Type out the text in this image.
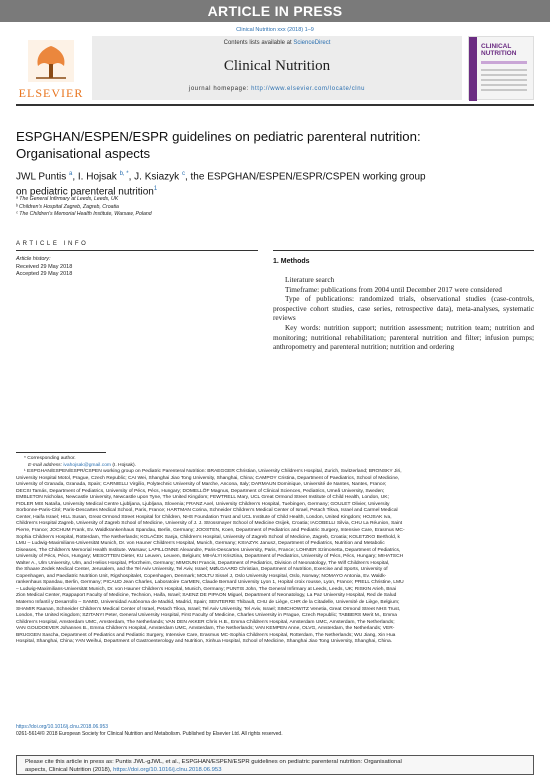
ARTICLE IN PRESS
Clinical Nutrition xxx (2018) 1–9
ELSEVIER
Contents lists available at ScienceDirect
Clinical Nutrition
journal homepage: http://www.elsevier.com/locate/clnu
CLINICAL
NUTRITION
ESPGHAN/ESPEN/ESPR guidelines on pediatric parenteral nutrition:
Organisational aspects
JWL Puntis $^a$, I. Hojsak $^{b, *}$, J. Ksiazyk $^c$, the ESPGHAN/ESPEN/ESPR/CSPEN working group
on pediatric parenteral nutrition$^1$
ᵃ The General Infirmary at Leeds, Leeds, UK
ᵇ Children's Hospital Zagreb, Zagreb, Croatia
ᶜ The Children's Memorial Health Institute, Warsaw, Poland
ARTICLE INFO
Article history:
Received 29 May 2018
Accepted 29 May 2018
1. Methods

Literature search

Timeframe: publications from 2004 until December 2017 were considered

Type of publications: randomized trials, observational studies (case-controls, prospective cohort studies, case series, retrospective data), meta-analyses, systematic reviews

Key words: nutrition support; nutrition assessment; nutrition team; nutrition and monitoring; nutritional rehabilitation; parenteral nutrition and filter; infusion pumps; anthropometry and parenteral nutrition; nutrition and ordering

* Corresponding author.
E-mail address: ivahojsak@gmail.com (I. Hojsak).
¹ ESPGHAN/ESPEN/ESPR/CSPEN working group on Pediatric Parenteral Nutrition: BRAEGGER Christian, University Children's Hospital, Zurich, Switzerland; BRONSKY Jiri,
University Hospital Motol, Prague, Czech Republic; CAI Wei, Shanghai Jiao Tong University, Shanghai, China; CAMPOY Cristina, Department of Paediatrics, School of Medicine,
University of Granada, Granada, Spain; CARNIELLI Virgilio, Polytechnic University of Marche, Ancona, Italy; DARMAUN Dominique, Université de Nantes, Nantes, France;
DECSI Tamás, Department of Pediatrics, University of Pécs, Pécs, Hungary; DOMELLÖF Magnus, Department of Clinical Sciences, Pediatrics, Umeå University, Sweden;
EMBLETON Nicholas, Newcastle University, Newcastle upon Tyne, The United Kingdom; FEWTRELL Mary, UCL Great Ormond Street Institute of Child Health, London, UK;
FIDLER MIS Nataša, University Medical Centre Ljubljana, Ljubljana, Slovenia; FRANZ Axel, University Children's Hospital, Tuebingen, Germany; GOULET Olivier, University
Sorbonne-Paris-Cité; Paris-Descartes Medical School, Paris, France; HARTMAN Corina, Schneider Children's Medical Center of Israel, Petach Tikva, Israel and Carmel Medical
Center, Haifa Israel; HILL Susan, Great Ormond Street Hospital for Children, NHS Foundation Trust and UCL Institute of Child Health, London, United Kingdom; HOJSAK Iva,
Children's Hospital Zagreb, University of Zagreb School of Medicine, University of J. J. Strossmayer School of Medicine Osijek, Croatia; IACOBELLI Silvia, CHU La Réunion, Saint
Pierre, France; JOCHUM Frank, Ev. Waldkrankenhaus Spandau, Berlin, Germany; JOOSTEN, Koen, Department of Pediatrics and Pediatric Surgery, Intensive Care, Erasmus MC-
Sophia Children's Hospital, Rotterdam, The Netherlands; KOLAČEK Sanja, Children's Hospital, University of Zagreb School of Medicine, Zagreb, Croatia; KOLETZKO Berthold, k
LMU – Ludwig-Maximilians-Universität Munich, Dr. von Hauner Children's Hospital, Munich, Germany; KSIAZYK Janusz, Department of Pediatrics, Nutrition and Metabolic
Diseases, The Children's Memorial Health Institute. Warsaw; LAPILLONNE Alexandre, Paris-Descartes University, Paris, France; LOHNER Szimonetta, Department of Pediatrics,
University of Pécs, Pécs, Hungary; MESOTTEN Dieter, KU Leuven, Leuven, Belgium; MIHÁLYI Krisztina, Department of Pediatrics, University of Pécs, Pécs, Hungary; MIHATSCH
Walter A., Ulm University, Ulm, and Helios Hospital, Pforzheim, Germany; MIMOUNI Francis, Department of Pediatrics, Division of Neonatology, The Wilf Children's Hospital,
the Shaare Zedek Medical Center, Jerusalem, and the Tel Aviv University, Tel Aviv, Israel; MØLGAARD Christian, Department of Nutrition, Exercise and Sports, University of
Copenhagen, and Paediatric Nutrition Unit, Rigshospitalet, Copenhagen, Denmark; MOLTU Sissel J, Oslo University Hospital, Oslo, Norway; NOMAYO Antonia, Ev. Waldk-
rankenhaus Spandau, Berlin, Germany; PICAUD Jean Charles, Laboratoire CarMEN, Claude Bernard University Lyon 1, Hopital croix rousse, Lyon, France; PRELL Christine, LMU
– Ludwig-Maximilians-Universität Munich, Dr. von Hauner Children's Hospital, Munich, Germany; PUNTIS John, The General Infirmary at Leeds, Leeds, UK; RISKIN Arieh, Bnai
Zion Medical Center, Rappaport Faculty of Medicine, Technion, Haifa, Israel; SAENZ DE PIPAON Miguel, Department of Neonatology, La Paz University Hospital, Red de Salud
Materno Infantil y Desarrollo – SAMID, Universidad Autónoma de Madrid, Madrid, Spain; SENTERRE Thibault, CHU de Liège, CHR de la Citadelle, Université de Liège, Belgium;
SHAMIR Raanan, Schneider Children's Medical Center of Israel, Petach Tikva, Israel; Tel Aviv University, Tel Aviv, Israel; SIMCHOWITZ Venetia, Great Ormond Street NHS Trust,
London, The United Kingdom; SZITANYI Peter, General University Hospital, First Faculty of Medicine, Charles University in Prague, Czech Republic; TABBERS Merit M., Emma
Children's Hospital, Amsterdam UMC, Amsterdam, The Netherlands; VAN DEN AKKER Chris H.B., Emma Children's Hospital, Amsterdam UMC, Amsterdam, The Netherlands;
VAN GOUDOEVER Johannes B., Emma Children's Hospital, Amsterdam UMC, Amsterdam, The Netherlands; VAN KEMPEN Anne, OLVG, Amsterdam, the Netherlands; VER-
BRUGGEN Sascha, Department of Pediatrics and Pediatric Surgery, Intensive Care, Erasmus MC-Sophia Children's Hospital, Rotterdam, The Netherlands; WU Jiang, Xin Hua
Hospital, Shanghai, China; YAN Weihui, Department of Gastroenterology and Nutrition, Xinhua Hospital, School of Medicine, Shanghai Jiao Tong University, Shanghai, China.
https://doi.org/10.1016/j.clnu.2018.06.953
0261-5614/© 2018 European Society for Clinical Nutrition and Metabolism. Published by Elsevier Ltd. All rights reserved.
Please cite this article in press as: Puntis JWL-gJWL, et al., ESPGHAN/ESPEN/ESPR guidelines on pediatric parenteral nutrition: Organisational
aspects, Clinical Nutrition (2018), https://doi.org/10.1016/j.clnu.2018.06.953
